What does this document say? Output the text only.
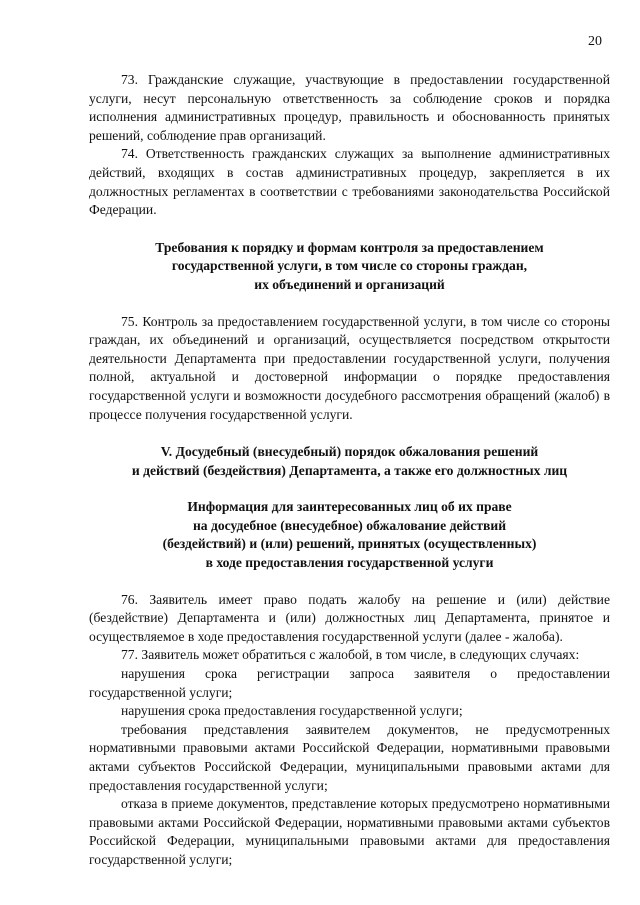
20

73. Гражданские служащие, участвующие в предоставлении государственной услуги, несут персональную ответственность за соблюдение сроков и порядка исполнения административных процедур, правильность и обоснованность принятых решений, соблюдение прав организаций.

74. Ответственность гражданских служащих за выполнение административных действий, входящих в состав административных процедур, закрепляется в их должностных регламентах в соответствии с требованиями законодательства Российской Федерации.

Требования к порядку и формам контроля за предоставлением
государственной услуги, в том числе со стороны граждан,
их объединений и организаций

75. Контроль за предоставлением государственной услуги, в том числе со стороны граждан, их объединений и организаций, осуществляется посредством открытости деятельности Департамента при предоставлении государственной услуги, получения полной, актуальной и достоверной информации о порядке предоставления государственной услуги и возможности досудебного рассмотрения обращений (жалоб) в процессе получения государственной услуги.

V. Досудебный (внесудебный) порядок обжалования решений
и действий (бездействия) Департамента, а также его должностных лиц
Информация для заинтересованных лиц об их праве
на досудебное (внесудебное) обжалование действий
(бездействий) и (или) решений, принятых (осуществленных)
в ходе предоставления государственной услуги

76. Заявитель имеет право подать жалобу на решение и (или) действие (бездействие) Департамента и (или) должностных лиц Департамента, принятое и осуществляемое в ходе предоставления государственной услуги (далее - жалоба).

77. Заявитель может обратиться с жалобой, в том числе, в следующих случаях:

нарушения срока регистрации запроса заявителя о предоставлении государственной услуги;

нарушения срока предоставления государственной услуги;

требования представления заявителем документов, не предусмотренных нормативными правовыми актами Российской Федерации, нормативными правовыми актами субъектов Российской Федерации, муниципальными правовыми актами для предоставления государственной услуги;

отказа в приеме документов, представление которых предусмотрено нормативными правовыми актами Российской Федерации, нормативными правовыми актами субъектов Российской Федерации, муниципальными правовыми актами для предоставления государственной услуги;
